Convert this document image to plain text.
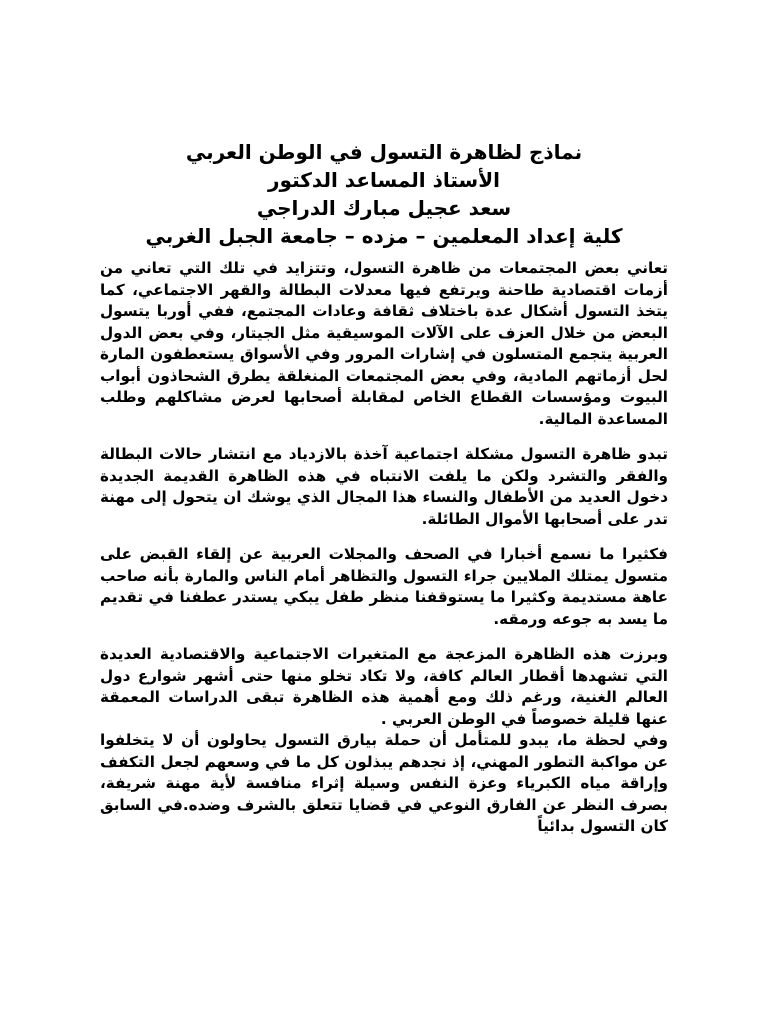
نماذج لظاهرة التسول في الوطن العربي
الأستاذ المساعد الدكتور
سعد عجيل مبارك الدراجي
كلية إعداد المعلمين – مزده – جامعة الجبل الغربي

تعاني بعض المجتمعات من ظاهرة التسول، وتتزايد في تلك التي تعاني من أزمات اقتصادية طاحنة ويرتفع فيها معدلات البطالة والقهر الاجتماعي، كما يتخذ التسول أشكال عدة باختلاف ثقافة وعادات المجتمع، ففي أوربا يتسول البعض من خلال العزف على الآلات الموسيقية مثل الجيتار، وفي بعض الدول العربية يتجمع المتسلون في إشارات المرور وفي الأسواق يستعطفون المارة لحل أزماتهم المادية، وفي بعض المجتمعات المنغلقة يطرق الشحاذون أبواب البيوت ومؤسسات القطاع الخاص لمقابلة أصحابها لعرض مشاكلهم وطلب المساعدة المالية.

تبدو ظاهرة التسول مشكلة اجتماعية آخذة بالازدياد مع انتشار حالات البطالة والفقر والتشرد ولكن ما يلفت الانتباه في هذه الظاهرة القديمة الجديدة دخول العديد من الأطفال والنساء هذا المجال الذي يوشك ان يتحول إلى مهنة تدر على أصحابها الأموال الطائلة.

فكثيرا ما نسمع أخبارا في الصحف والمجلات العربية عن إلقاء القبض على متسول يمتلك الملايين جراء التسول والتظاهر أمام الناس والمارة بأنه صاحب عاهة مستديمة وكثيرا ما يستوقفنا منظر طفل يبكي يستدر عطفنا في تقديم ما يسد به جوعه ورمقه.

وبرزت هذه الظاهرة المزعجة مع المتغيرات الاجتماعية والاقتصادية العديدة التي تشهدها أقطار العالم كافة، ولا تكاد تخلو منها حتى أشهر شوارع دول العالم الغنية، ورغم ذلك ومع أهمية هذه الظاهرة تبقى الدراسات المعمقة عنها قليلة خصوصاً في الوطن العربي .

وفي لحظة ما، يبدو للمتأمل أن حملة بيارق التسول يحاولون أن لا يتخلفوا عن مواكبة التطور المهني، إذ نجدهم يبذلون كل ما في وسعهم لجعل التكفف وإراقة مياه الكبرياء وعزة النفس وسيلة إثراء منافسة لأية مهنة شريفة، بصرف النظر عن الفارق النوعي في قضايا تتعلق بالشرف وضده.في السابق كان التسول بدائياً
